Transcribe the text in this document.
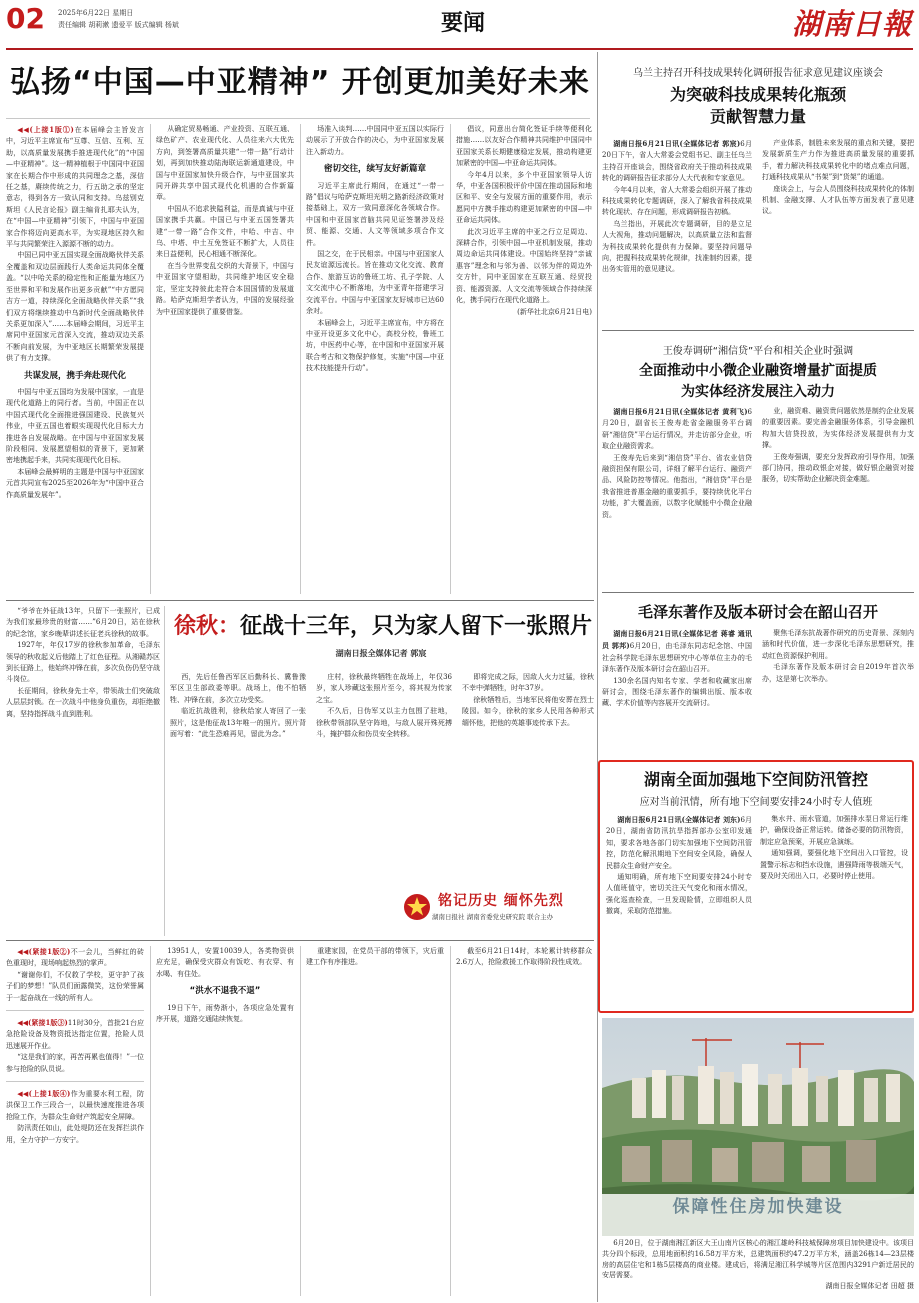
02 2025年6月22日 星期日
责任编辑 胡莉漱 遗爱平 版式编辑 杨斌	要闻	湖南日報
弘扬“中国—中亚精神” 开创更加美好未来

◀◀(上接1版①)在本届峰会主旨发言中，习近平主席宣布“互尊、互信、互利、互助，以高质量发展携手推进现代化”的“中国—中亚精神”。这一精神植根于中国同中亚国家在长期合作中形成的共同理念之基，深信任之基，赓续传统之力，行五助之承的坚定意志，得到各方一致认同和支持。乌兹别克斯坦《人民言论报》副主编肯扎耶夫认为，在“中国—中亚精神”引领下，中国与中亚国家合作将迈向更高水平，为实现地区持久和平与共同繁荣注入源源不断的动力。

中国已同中亚五国实现全面战略伙伴关系全覆盖和双边层面践行人类命运共同体全覆盖。“以中哈关系的稳定性和正能量为地区乃至世界和平和发展作出更多贡献”“中方愿同吉方一道，持续深化全面战略伙伴关系”“我们双方将继续推动中乌新时代全面战略伙伴关系更加深入”……本届峰会期间，习近平主席同中亚国家元首深入交流，推动双边关系不断向前发展，为中亚地区长期繁荣发展提供了有力支撑。

共谋发展，携手奔赴现代化

中国与中亚五国均为发展中国家，一直是现代化道路上的同行者。当前，中国正在以中国式现代化全面推进强国建设、民族复兴伟业，中亚五国也着眼实现现代化目标大力推进各自发展战略。在中国与中亚国家发展阶段相同、发展愿望相似的背景下，更加紧密地携起手来，共同实现现代化目标。

本届峰会最鲜明的主题是中国与中亚国家元首共同宣布2025至2026年为“中国中亚合作高质量发展年”。

从确定贸易畅通、产业投资、互联互通、绿色矿产、农业现代化、人员往来六大优先方向，到签署高质量共建“一带一路”行动计划，再到加快推动陆海联运新通道建设，中国与中亚国家加快升级合作，与中亚国家共同开辟共享中国式现代化机遇的合作新篇章。

中国从不追求狭隘利益，而是真诚与中亚国家携手共赢。中国已与中亚五国签署共建“一带一路”合作文件，中哈、中吉、中乌、中塔、中土互免签证不断扩大，人员往来日益便利，民心相通不断深化。

在当今世界变乱交织的大背景下，中国与中亚国家守望相助，共同维护地区安全稳定，坚定支持彼此走符合本国国情的发展道路。哈萨克斯坦学者认为，中国的发展经验为中亚国家提供了重要借鉴。

场准入谈判……中国同中亚五国以实际行动展示了开放合作的决心，为中亚国家发展注入新动力。

密切交往，续写友好新篇章

习近平主席此行期间，在通过“一带一路”倡议与哈萨克斯坦光明之路新经济政策对接基础上，双方一致同意深化各领域合作。中国和中亚国家首脑共同见证签署涉及经贸、能源、交通、人文等领域多项合作文件。

国之交，在于民相亲。中国与中亚国家人民友谊源远流长。旨在推动文化交流、教育合作、旅游互访的鲁班工坊、孔子学院、人文交流中心不断落地，为中亚青年搭建学习交流平台。中国与中亚国家友好城市已达60余对。

本届峰会上，习近平主席宣布，中方将在中亚开设更多文化中心，高校分校，鲁班工坊，中医药中心等，在中国和中亚国家开展联合考古和文物保护修复，实施“中国—中亚技术技能提升行动”。

倡议，同意出台简化签证手续等便利化措施……以友好合作精神共同维护中国同中亚国家关系长期健康稳定发展，推动构建更加紧密的中国—中亚命运共同体。

今年4月以来，多个中亚国家领导人访华，中亚各国积极评价中国在推动国际和地区和平、安全与发展方面的重要作用，表示愿同中方携手推动构建更加紧密的中国—中亚命运共同体。

此次习近平主席的中亚之行立足周边、深耕合作，引领中国—中亚机制发展，推动周边命运共同体建设。中国始终坚持“亲诚惠容”理念和与邻为善、以邻为伴的周边外交方针，同中亚国家在互联互通、经贸投资、能源资源、人文交流等领域合作持续深化，携手同行在现代化道路上。

(新华社北京6月21日电)

乌兰主持召开科技成果转化调研报告征求意见建议座谈会
为突破科技成果转化瓶颈
贡献智慧力量

湖南日报6月21日讯(全媒体记者 郭宸)6月20日下午，省人大常委会党组书记、副主任乌兰主持召开座谈会，围绕省政府关于推动科技成果转化的调研报告征求部分人大代表和专家意见。

今年4月以来，省人大常委会组织开展了推动科技成果转化专题调研，深入了解我省科技成果转化现状、存在问题，形成调研报告初稿。

乌兰指出，开展此次专题调研，目的是立足人大视角，推动问题解决，以高质量立法和监督为科技成果转化提供有力保障。要坚持问题导向，把握科技成果转化规律，找准制约因素，提出务实管用的意见建议。

产业体系，制胜未来发展的重点和关键，要把发展新质生产力作为推进高质量发展的重要抓手，着力解决科技成果转化中的堵点难点问题，打通科技成果从“书架”到“货架”的通道。

座谈会上，与会人员围绕科技成果转化的体制机制、金融支撑、人才队伍等方面发表了意见建议。

王俊寿调研“湘信贷”平台和相关企业时强调
全面推动中小微企业融资增量扩面提质
为实体经济发展注入动力

湖南日报6月21日讯(全媒体记者 黄利飞)6月20日，副省长王俊寿赴省金融服务平台调研“湘信贷”平台运行情况，并走访部分企业，听取企业融资需求。

王俊寿先后来到“湘信贷”平台、省农业信贷融资担保有限公司，详细了解平台运行、融资产品、风险防控等情况。他指出，“湘信贷”平台是我省推进普惠金融的重要抓手，要持续优化平台功能，扩大覆盖面，以数字化赋能中小微企业融资。

业，融资难、融资贵问题依然是制约企业发展的重要因素。要完善金融服务体系，引导金融机构加大信贷投放，为实体经济发展提供有力支撑。

王俊寿强调，要充分发挥政府引导作用，加强部门协同，推动政银企对接，做好银企融资对接服务，切实帮助企业解决资金难题。

毛泽东著作及版本研讨会在韶山召开

湖南日报6月21日讯(全媒体记者 蒋睿 通讯员 郭邦)6月20日，由毛泽东同志纪念馆、中国社会科学院毛泽东思想研究中心等单位主办的毛泽东著作及版本研讨会在韶山召开。

130余名国内知名专家、学者和收藏家出席研讨会，围绕毛泽东著作的编辑出版、版本收藏、学术价值等内容展开交流研讨。

聚焦毛泽东抗战著作研究的历史背景、深刻内涵和时代价值，进一步深化毛泽东思想研究，推动红色资源保护利用。

毛泽东著作及版本研讨会自2019年首次举办，这是第七次举办。

湖南全面加强地下空间防汛管控
应对当前汛情，所有地下空间要安排24小时专人值班

湖南日报6月21日讯(全媒体记者 刘东)6月20日，湖南省防汛抗旱指挥部办公室印发通知，要求各地各部门切实加强地下空间防汛管控，防范化解汛期地下空间安全风险，确保人民群众生命财产安全。

通知明确，所有地下空间要安排24小时专人值班值守，密切关注天气变化和雨水情况，强化巡查检查，一旦发现险情，立即组织人员撤离，采取防范措施。

集水井、雨水管道，加强排水泵日常运行维护，确保设备正常运转。储备必要的防汛物资，制定应急预案，开展应急演练。

通知强调，要强化地下空间出入口管控，设置警示标志和挡水设施，遇强降雨等极端天气，要及时关闭出入口，必要时停止使用。

保障性住房加快建设

6月20日，位于湖南湘江新区大王山南片区核心的湘江雄岭科技城保障房项目加快建设中。该项目共分四个标段，总用地面积约16.58万平方米，总建筑面积约47.2万平方米，涵盖26栋14—23层楼房的高层住宅和1栋5层楼高的商业楼。建成后，将满足湘江科学城等片区范围内3291户新迁居民的安居需要。

湖南日报全媒体记者 田超 摄

“爷爷在外征战13年，只留下一张照片，已成为我们家最珍贵的财富……”6月20日，站在徐秋的纪念馆，家乡晚辈讲述长征老兵徐秋的故事。

1927年，年仅17岁的徐秋参加革命，毛泽东领导的秋收起义后他踏上了红色征程。从湘赣苏区到长征路上，他始终冲锋在前，多次负伤仍坚守战斗岗位。

长征期间，徐秋身先士卒，带领战士们突破敌人层层封锁。在一次战斗中他身负重伤，却拒绝撤离，坚持指挥战斗直到胜利。

徐秋：征战十三年，只为家人留下一张照片
湖南日报全媒体记者 郭宸

西，先后任鲁西军区后勤科长、冀鲁豫军区卫生部政委等职。战场上，他不怕牺牲、冲锋在前，多次立功受奖。

临近抗战胜利，徐秋给家人寄回了一张照片，这是他征战13年唯一的照片。照片背面写着：“此生恐难再见，留此为念。”

庄村，徐秋最终牺牲在战场上，年仅36岁，家人珍藏这张照片至今，将其视为传家之宝。

不久后，日伪军又以主力包围了驻地，徐秋带领部队坚守阵地，与敌人展开殊死搏斗，掩护群众和伤员安全转移。

即将完成之际，因敌人火力过猛，徐秋不幸中弹牺牲，时年37岁。

徐秋牺牲后，当地军民将他安葬在烈士陵园。如今，徐秋的家乡人民用各种形式缅怀他，把他的英雄事迹传承下去。

铭记历史 缅怀先烈
湖南日报社 湖南省委党史研究院 联合主办

◀◀(紧接1版②)不一会儿，当鲜红的砖色重现时，现场响起热烈的掌声。

“谢谢你们，不仅救了学校，更守护了孩子们的梦想！”队员们面露微笑，这份荣誉属于一起奋战在一线的所有人。

◀◀(紧接1版③)11时30分，首批21台应急抢险设备及物资抵达指定位置，抢险人员迅速展开作业。

“这是我们的家，再苦再累也值得！”一位参与抢险的队员说。

◀◀(上接1版④)作为重要水利工程，防洪保卫工作三段合一，以最快速度推进各项抢险工作，为群众生命财产筑起安全屏障。

防汛责任如山，此处堤防还在发挥拦洪作用，全力守护一方安宁。

13951人，安置10039人，各类物资供应充足，确保受灾群众有饭吃、有衣穿、有水喝、有住处。

“洪水不退我不退”

19日下午，雨势渐小，各项应急处置有序开展，道路交通陆续恢复。

重建家园，在党员干部的带领下，灾后重建工作有序推进。

截至6月21日14时，本轮累计转移群众2.6万人，抢险救援工作取得阶段性成效。
